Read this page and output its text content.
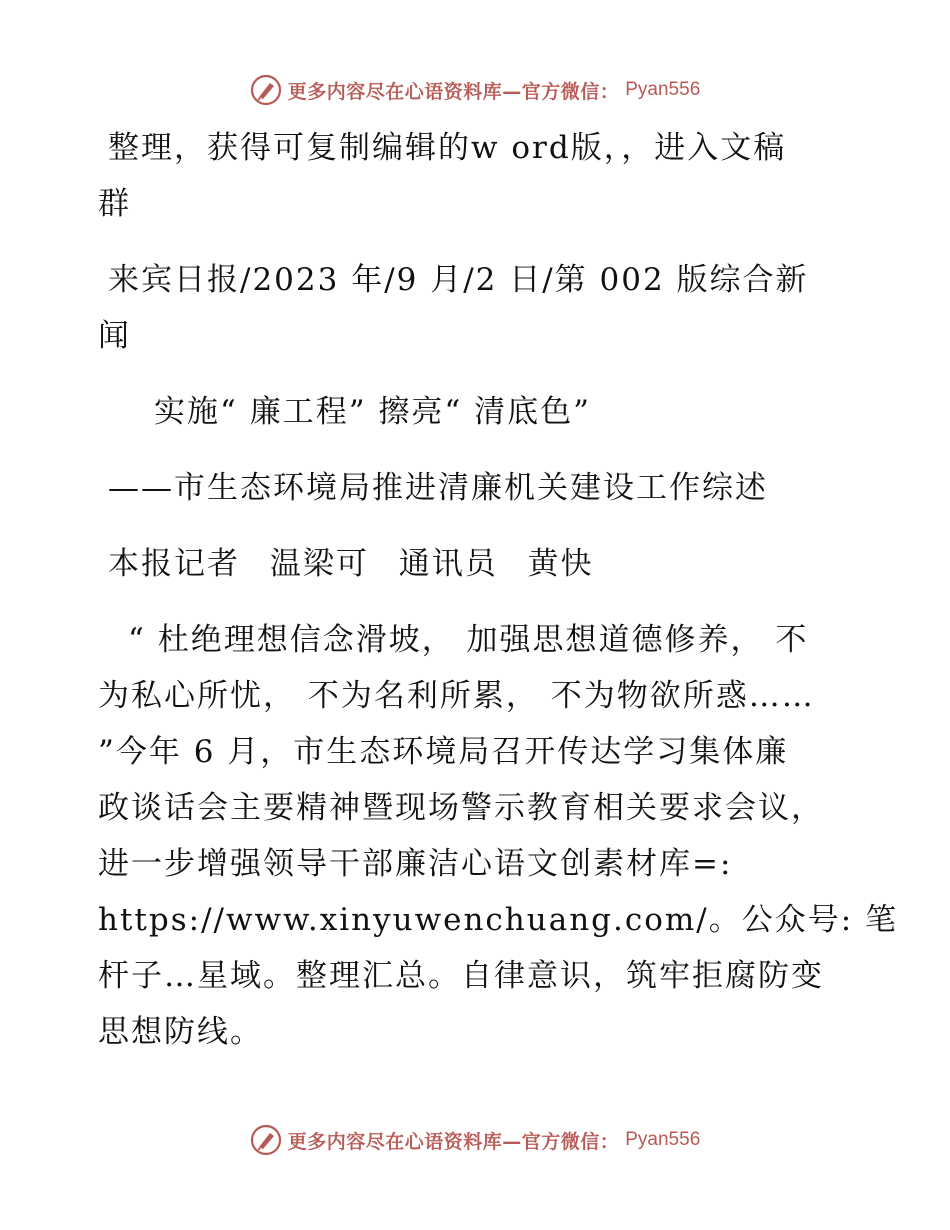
更多内容尽在心语资料库—官方微信： Pyan556
整理，获得可复制编辑的w ord版，，进入文稿
群
来宾日报/2023 年/9 月/2 日/第 002 版综合新
闻
实施“ 廉工程” 擦亮“ 清底色”
——市生态环境局推进清廉机关建设工作综述
本报记者 温梁可 通讯员 黄快
“ 杜绝理想信念滑坡， 加强思想道德修养， 不
为私心所忧， 不为名利所累， 不为物欲所惑……
”今年 6 月，市生态环境局召开传达学习集体廉
政谈话会主要精神暨现场警示教育相关要求会议，
进一步增强领导干部廉洁心语文创素材库=:
https://www.xinyuwenchuang.com/。公众号: 笔
杆子…星域。整理汇总。自律意识，筑牢拒腐防变
思想防线。
更多内容尽在心语资料库—官方微信： Pyan556
